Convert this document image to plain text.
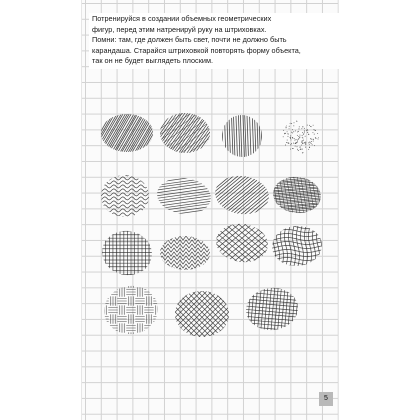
Потренируйся в создании объемных геометрических

фигур, перед этим натренируй руку на штриховках.

Помни: там, где должен быть свет, почти не должно быть

карандаша. Старайся штриховкой повторять форму объекта,

так он не будет выглядеть плоским.

5
